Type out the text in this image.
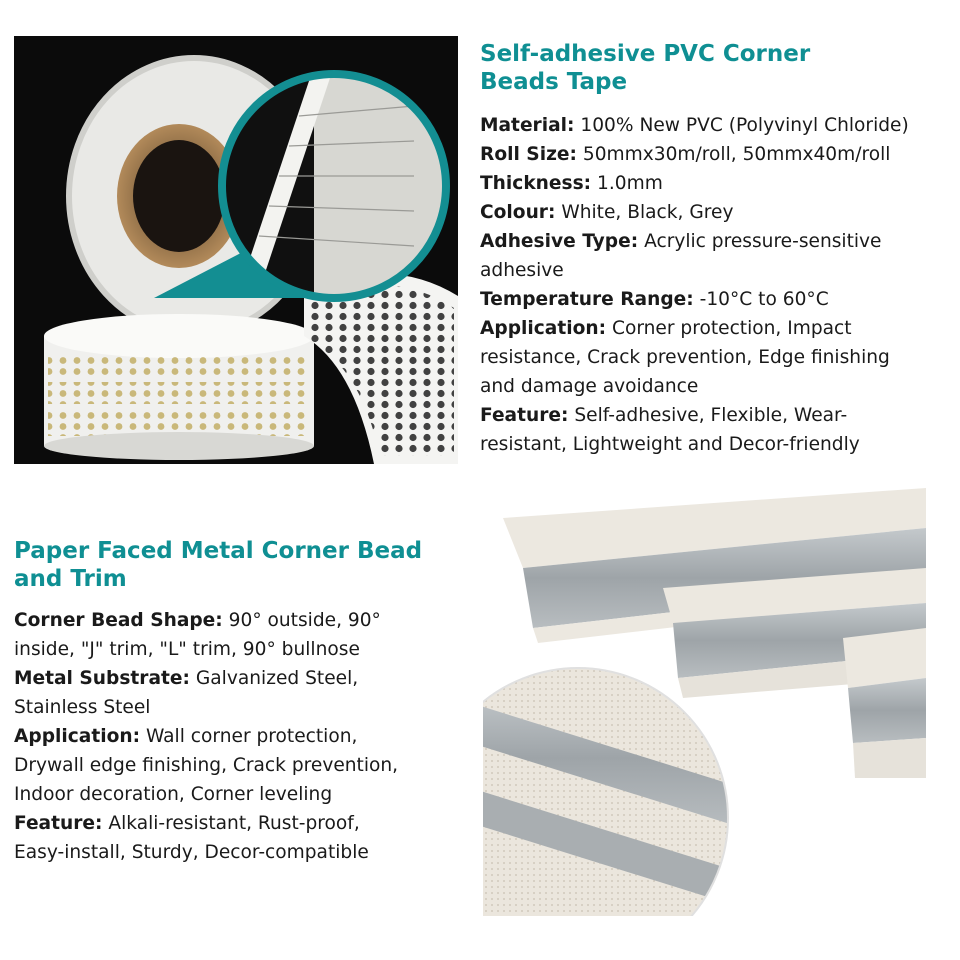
Self-adhesive PVC Corner
Beads Tape
Material: 100% New PVC (Polyvinyl Chloride)
Roll Size: 50mmx30m/roll, 50mmx40m/roll
Thickness: 1.0mm
Colour: White, Black, Grey
Adhesive Type: Acrylic pressure-sensitive
adhesive
Temperature Range: -10°C to 60°C
Application: Corner protection, Impact
resistance, Crack prevention, Edge finishing
and damage avoidance
Feature: Self-adhesive, Flexible, Wear-
resistant, Lightweight and Decor-friendly
Paper Faced Metal Corner Bead
and Trim
Corner Bead Shape: 90° outside, 90°
inside, "J" trim, "L" trim, 90° bullnose
Metal Substrate: Galvanized Steel,
Stainless Steel
Application: Wall corner protection,
Drywall edge finishing, Crack prevention,
Indoor decoration, Corner leveling
Feature: Alkali-resistant, Rust-proof,
Easy-install, Sturdy, Decor-compatible
